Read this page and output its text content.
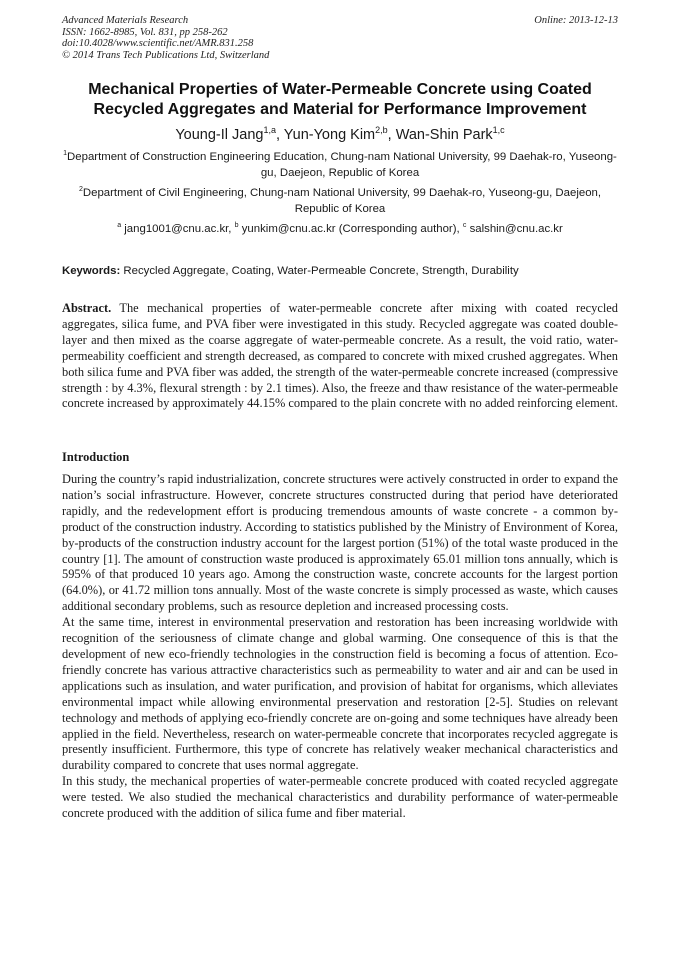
Advanced Materials Research
ISSN: 1662-8985, Vol. 831, pp 258-262
doi:10.4028/www.scientific.net/AMR.831.258
© 2014 Trans Tech Publications Ltd, Switzerland
Online: 2013-12-13
Mechanical Properties of Water-Permeable Concrete using Coated Recycled Aggregates and Material for Performance Improvement
Young-Il Jang$^{1,a}$, Yun-Yong Kim$^{2,b}$, Wan-Shin Park$^{1,c}$
$^1$Department of Construction Engineering Education, Chung-nam National University, 99 Daehak-ro, Yuseong-gu, Daejeon, Republic of Korea
$^2$Department of Civil Engineering, Chung-nam National University, 99 Daehak-ro, Yuseong-gu, Daejeon, Republic of Korea
$^a$ jang1001@cnu.ac.kr, $^b$ yunkim@cnu.ac.kr (Corresponding author), $^c$ salshin@cnu.ac.kr
Keywords: Recycled Aggregate, Coating, Water-Permeable Concrete, Strength, Durability

Abstract. The mechanical properties of water-permeable concrete after mixing with coated recycled aggregates, silica fume, and PVA fiber were investigated in this study. Recycled aggregate was coated double-layer and then mixed as the coarse aggregate of water-permeable concrete. As a result, the void ratio, water-permeability coefficient and strength decreased, as compared to concrete with mixed crushed aggregates. When both silica fume and PVA fiber was added, the strength of the water-permeable concrete increased (compressive strength : by 4.3%, flexural strength : by 2.1 times). Also, the freeze and thaw resistance of the water-permeable concrete increased by approximately 44.15% compared to the plain concrete with no added reinforcing element.

Introduction

During the country’s rapid industrialization, concrete structures were actively constructed in order to expand the nation’s social infrastructure. However, concrete structures constructed during that period have deteriorated rapidly, and the redevelopment effort is producing tremendous amounts of waste concrete - a common by-product of the construction industry. According to statistics published by the Ministry of Environment of Korea, by-products of the construction industry account for the largest portion (51%) of the total waste produced in the country [1]. The amount of construction waste produced is approximately 65.01 million tons annually, which is 595% of that produced 10 years ago. Among the construction waste, concrete accounts for the largest portion (64.0%), or 41.72 million tons annually. Most of the waste concrete is simply processed as waste, which causes additional secondary problems, such as resource depletion and increased processing costs.

At the same time, interest in environmental preservation and restoration has been increasing worldwide with recognition of the seriousness of climate change and global warming. One consequence of this is that the development of new eco-friendly technologies in the construction field is becoming a focus of attention. Eco-friendly concrete has various attractive characteristics such as permeability to water and air and can be used in applications such as insulation, and water purification, and provision of habitat for organisms, which alleviates environmental impact while allowing environmental preservation and restoration [2-5]. Studies on relevant technology and methods of applying eco-friendly concrete are on-going and some techniques have already been applied in the field. Nevertheless, research on water-permeable concrete that incorporates recycled aggregate is presently insufficient. Furthermore, this type of concrete has relatively weaker mechanical characteristics and durability compared to concrete that uses normal aggregate.

In this study, the mechanical properties of water-permeable concrete produced with coated recycled aggregate were tested. We also studied the mechanical characteristics and durability performance of water-permeable concrete produced with the addition of silica fume and fiber material.
